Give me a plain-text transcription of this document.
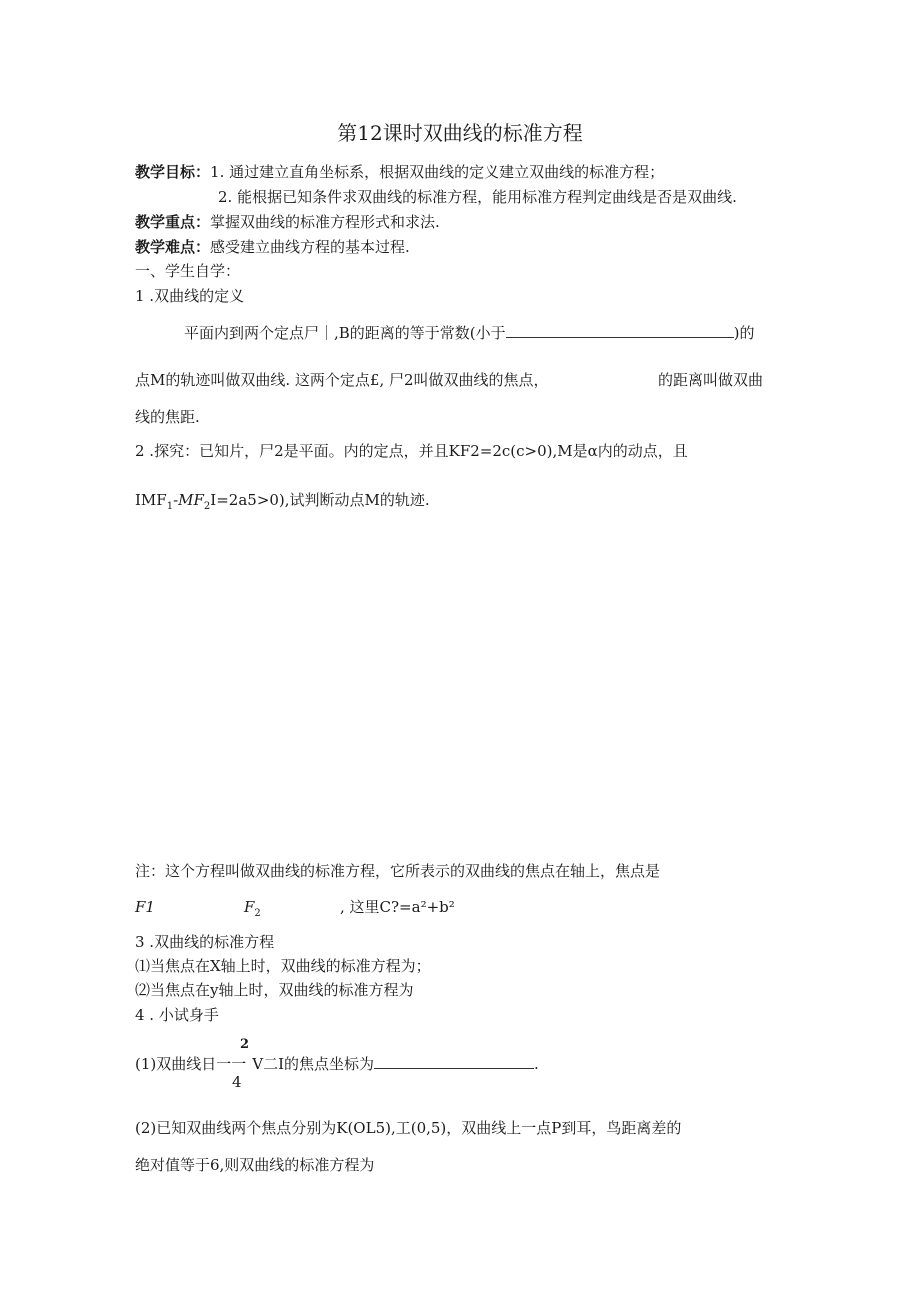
第12课时双曲线的标准方程
教学目标：1. 通过建立直角坐标系，根据双曲线的定义建立双曲线的标准方程；
2. 能根据已知条件求双曲线的标准方程，能用标准方程判定曲线是否是双曲线.
教学重点：掌握双曲线的标准方程形式和求法.
教学难点：感受建立曲线方程的基本过程.
一、学生自学：
1 .双曲线的定义
平面内到两个定点尸｜,B的距离的等于常数(小于	)的
点M的轨迹叫做双曲线. 这两个定点£, 尸2叫做双曲线的焦点，	的距离叫做双曲
线的焦距.
2 .探究：已知片，尸2是平面。内的定点，并且KF2=2c(c>0),M是α内的动点，且
$IMF_1-MF_2I=2a5>0$),试判断动点M的轨迹.
注：这个方程叫做双曲线的标准方程，它所表示的双曲线的焦点在轴上，焦点是
F1	$F_2$	, 这里C?=a²+b²
3 .双曲线的标准方程
⑴当焦点在X轴上时，双曲线的标准方程为；
⑵当焦点在y轴上时，双曲线的标准方程为
4 . 小试身手
2
(1)双曲线日一一 V二I的焦点坐标为	.
4
(2)已知双曲线两个焦点分别为K(OL5),工(0,5)，双曲线上一点P到耳，鸟距离差的
绝对值等于6,则双曲线的标准方程为
